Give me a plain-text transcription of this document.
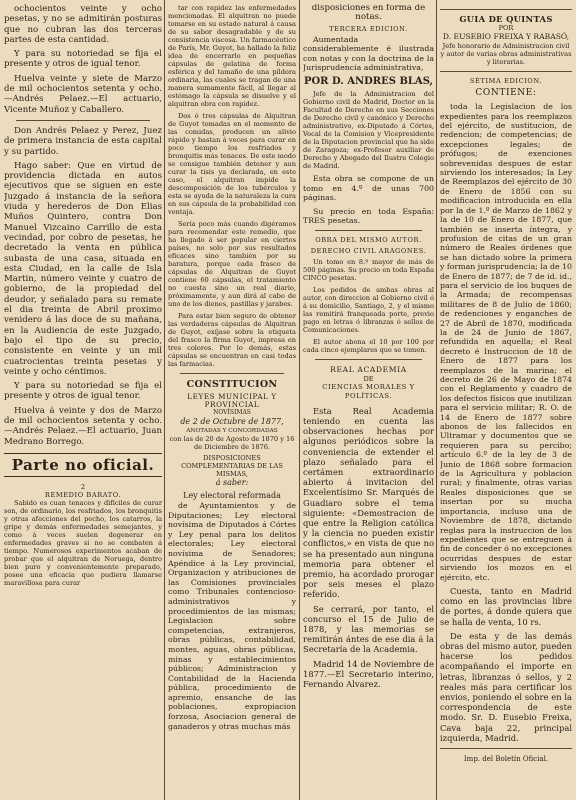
ochocientos veinte y ocho pesetas, y no se admitirán posturas que no cubran las dos terceras partes de esta cantidad.

Y para su notoriedad se fija el presente y otros de igual tenor.

Huelva veinte y siete de Marzo de mil ochocientos setenta y ocho.—Andrés Pelaez.—El actuario, Vicente Muñoz y Caballero.

Don Andrés Pelaez y Perez, Juez de primera instancia de esta capital y su partido.

Hago saber: Que en virtud de providencia dictada en autos ejecutivos que se siguen en este Juzgado á instancia de la señora viuda y herederos de Don Elias Muños Quintero, contra Don Manuel Vizcaino Carrillo de esta vecindad, por cobro de pesetas, he decretado la venta en pública subasta de una casa, situada en esta Ciudad, en la calle de Isla Martin, número veinte y cuatro de gobierno, de la propiedad del deudor, y señalado para su remate el dia treinta de Abril proximo venidero á las doce de su mañana, en la Audiencia de este Juzgado, bajo el tipo de su precio, consistente en veinte y un mil cuatrocientas treinta pesetas y veinte y ocho céntimos.

Y para su notoriedad se fija el presente y otros de igual tenor.

Huelva á veinte y dos de Marzo de mil ochocientos setenta y ocho.—Andrés Pelaez.—El actuario, Juan Medrano Borrego.

Parte no oficial.
2
REMEDIO BARATO.

Sabido es cuan tenaces y difíciles de curar son, de ordinario, los resfriados, los bronquitis y otras afecciones del pecho, los catarros, la gripe y demás enfermedades semejantes, y como á veces suelen degenerar en enfermedades graves si no se combaten á tiempo. Numerosos experimentos acaban de probar que el alquitran de Noruega, dentro bien puro y convenientemente preparado, posee una eficacia que pudiera llamarse maravillosa para curar

tar con rapidez las enfermedades mencionadas. El alquitran no puede tomarse en su estado natural á causa de su sabor desagradable y de su consistencia viscosa. Un farmacéutico de París, Mr. Guyot, ha hallado la feliz idea de encerrarlo en pequeñas cápsulas de gelatina de forma esférica y del tamaño de una píldora ordinaria, las cuales se tragan de una manera sumamente fácil, al llegar al estómago la cápsula se disuelve y el alquitran obra con rapidez.

Dos ó tres cápsulas de Alquitran de Guyot tomadas en el momento de las comidas, producen un alivio rápido y bastan á veces para curar en poco tiempo los resfriados y bronquitis más tenaces. De este modo se consigue también detener y aun curar la tisis ya declarada, en este caso, el alquitran impide la descomposición de los tubérculos y esta se ayuda de la naturaleza la cura en sus cápsula de la probabilidad con ventaja.

Sería poco más cuando digéramos para recomendar este remedio, que ha llegado á ser popular en ciertos países, no solo por sus resultados eficaces sino también por su baratura, porque cada frasco de cápsulas de Alquitran de Guyot contiene 60 cápsulas, el tratamiento no cuesta sino un real diario, próximamente, y aun dirá al cabo de uno de los dienes, pastillas y jarabes.

Para estar bien seguro de obtener las verdaderas cápsulas de Alquitran de Guyot, exíjase sobre la etiqueta del frasco la firma Guyot, impresa en tres colores. Por lo demás, estas cápsulas se encuentran en casi todas las farmacias.

CONSTITUCION
LEYES MUNICIPAL Y PROVINCIAL
NOVÍSIMAS
de 2 de Octubre de 1877,
ANOTADAS Y CONCORDADAS
con las de 20 de Agosto de 1870 y 16 de Diciembre de 1876.
DISPOSICIONES COMPLEMENTARIAS DE LAS MISMAS,
á saber:
Ley electoral reformada

de Ayuntamientos y de Diputaciones; Ley electoral novísima de Diputados á Córtes y Ley penal para los delitos electorales; Ley electoral novísima de Senadores; Apéndice á la Ley provincial, Organizacion y atribuciones de las Comisiones provinciales como Tribunales contencioso-administrativos y procedimientos de las mismas; Legislacion sobre competencias, extranjeros, obras públicas, contabilidad, montes, aguas, obras públicas, minas y establecimientos públicos; Administracion y Contabilidad de la Hacienda pública, procedimiento de apremio, ensanche de las poblaciones, expropiacion forzosa, Asociacion general de ganaderos y otras muchas más

disposiciones en forma de notas.
TERCERA EDICION.

Aumentada considerablemente é ilustrada con notas y con la doctrina de la Jurisprudencia administrativa,

POR D. ANDRES BLAS,

Jefe de la Administracion del Gobierno civil de Madrid, Doctor en la Facultad de Derecho en sus Secciones de Derecho civil y canónico y Derecho administrativo, ex-Diputado á Córtes, Vocal de la Comision y Vicepresidente de la Diputacion provincial que ha sido de Zaragoza; ex-Profesor auxiliar de Derecho y Abogado del Ilustre Colegio de Madrid.

Esta obra se compone de un tomo en 4.º de unas 700 páginas.

Su precio en toda España: TRES pesetas.

OBRA DEL MISMO AUTOR.
DERECHO CIVIL ARAGONES.

Un tomo en 8.º mayor de más de 500 páginas. Su precio en toda España CINCO pesetas.

Los pedidos de ambas obras al autor, con direccion al Gobierno civil ó á su domicilio, Santiago, 2, y el mismo las remitirá franqueada porte, previo pago en letras ó libranzas ó sellos de Comunicaciones.

El autor abona el 10 por 100 por cada cinco ejemplares que se tomen.

REAL ACADEMIA
DE
CIENCIAS MORALES Y POLÍTICAS.

Esta Real Academia teniendo en cuenta las observaciones hechas por algunos periódicos sobre la conveniencia de extender el plazo señalado para el certámen extraordinario abierto á invitacion del Excelentísimo Sr. Marqués de Guadiaro sobre el tema siguiente: «Demostracion de que entre la Religion católica y la ciencia no pueden existir conflictos,» en vista de que no se ha presentado aun ninguna memoria para obtener el premio, ha acordado prorogar por seis meses el plazo referido.

Se cerrará, por tanto, el concurso el 15 de Julio de 1878, y las memorias se remitirán ántes de ese dia á la Secretaría de la Academia.

Madrid 14 de Noviembre de 1877.—El Secretario interino, Fernando Alvarez.

GUIA DE QUINTAS
POR
D. EUSEBIO FREIXA Y RABASÓ,
Jefe honorario de Administracion civil y autor de varias obras administrativas y literarias.
SÉTIMA EDICION.
CONTIENE:

toda la Legislacion de los expedientes para los reemplazos del ejército, de sustitucion, de redencion; de competencias; de excepciones legales; de prófugos; de exenciones sobrevenidas despues de estar sirviendo los interesados; la Ley de Reemplazos del ejército de 30 de Enero de 1856 con su modificacion introducida en ella por la de 1.º de Marzo de 1862 y la de 10 de Enero de 1877, que también se inserta íntegra, y profusion de citas de un gran número de Reales órdenes que se han dictado sobre la primera y forman jurisprudencia; la de 10 de Enero de 1877; de 7 de id. id., para el servicio de los buques de la Armada; de recompensas militares de 8 de Julio de 1860; de redenciones y enganches de 27 de Abril de 1870, modificada la de 24 de Junio de 1867, refundida en aquella; el Real decreto é Instruccion de 18 de Enero de 1877 para los reemplazos de la marina; el decreto de 26 de Mayo de 1874 con el Reglamento y cuadro de los defectos físicos que inutilizan para el servicio militar; R. O. de 14 de Enero de 1877 sobre abonos de los fallecidos en Ultramar y documentos que se requieren para su percibo; artículo 6.º de la ley de 3 de Junio de 1868 sobre formacion de la Agricultura y poblacion rural; y finalmente, otras varias Reales disposiciones que se insertan por su mucha importancia, incluso una de Noviembre de 1878, dictando reglas para la instruccion de los expedientes que se entreguen á fin de conceder ó no excepciones ocurridas despues de estar sirviendo los mozos en el ejército, etc.

Cuesta, tanto en Madrid como en las provincias libre de portes, á donde quiera que se halla de venta, 10 rs.

De esta y de las demás obras del mismo autor, pueden hacerse los pedidos acompañando el importe en letras, libranzas ó sellos, y 2 reales más para certificar los envios, poniendo el sobre en la correspondencia de este modo. Sr. D. Eusebio Freixa, Cava baja 22, principal izquierda, Madrid.

Imp. del Boletín Oficial.
